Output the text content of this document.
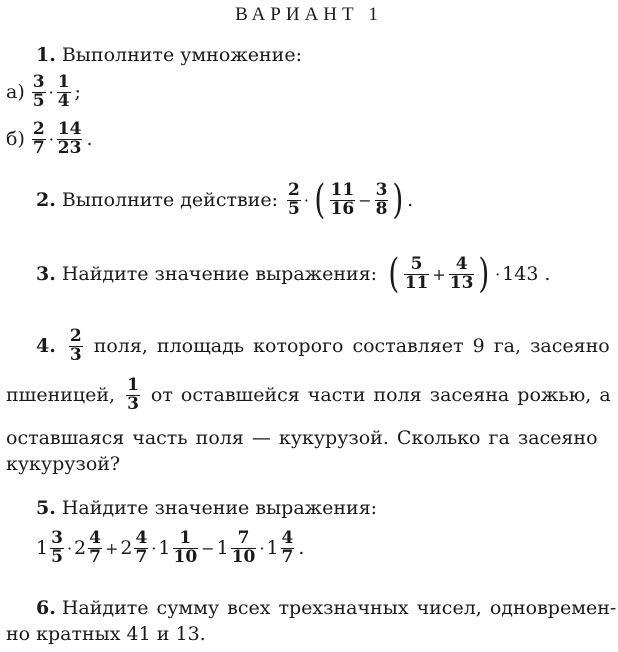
ВАРИАНТ 1
1. Выполните умножение:
$а) \frac{3}{5} \cdot \frac{1}{4}$ ;
$б) \frac{2}{7} \cdot \frac{14}{23}$ .
2. Выполните действие: $\frac{2}{5}$ · ( $\frac{11}{16} - \frac{3}{8}$ ) .
3. Найдите значение выражения: ( $\frac{5}{11} + \frac{4}{13}$ ) · 143 .
4. $\frac{2}{3}$ поля, площадь которого составляет 9 га, засеяно
пшеницей, $\frac{1}{3}$ от оставшейся части поля засеяна рожью, а
оставшаяся часть поля — кукурузой. Сколько га засеяно
кукурузой?
5. Найдите значение выражения:
$1 \frac{3}{5} \cdot 2 \frac{4}{7} + 2 \frac{4}{7} \cdot 1 \frac{1}{10} - 1 \frac{7}{10} \cdot 1 \frac{4}{7}$ .
6. Найдите сумму всех трехзначных чисел, одновремен-
но кратных 41 и 13.
